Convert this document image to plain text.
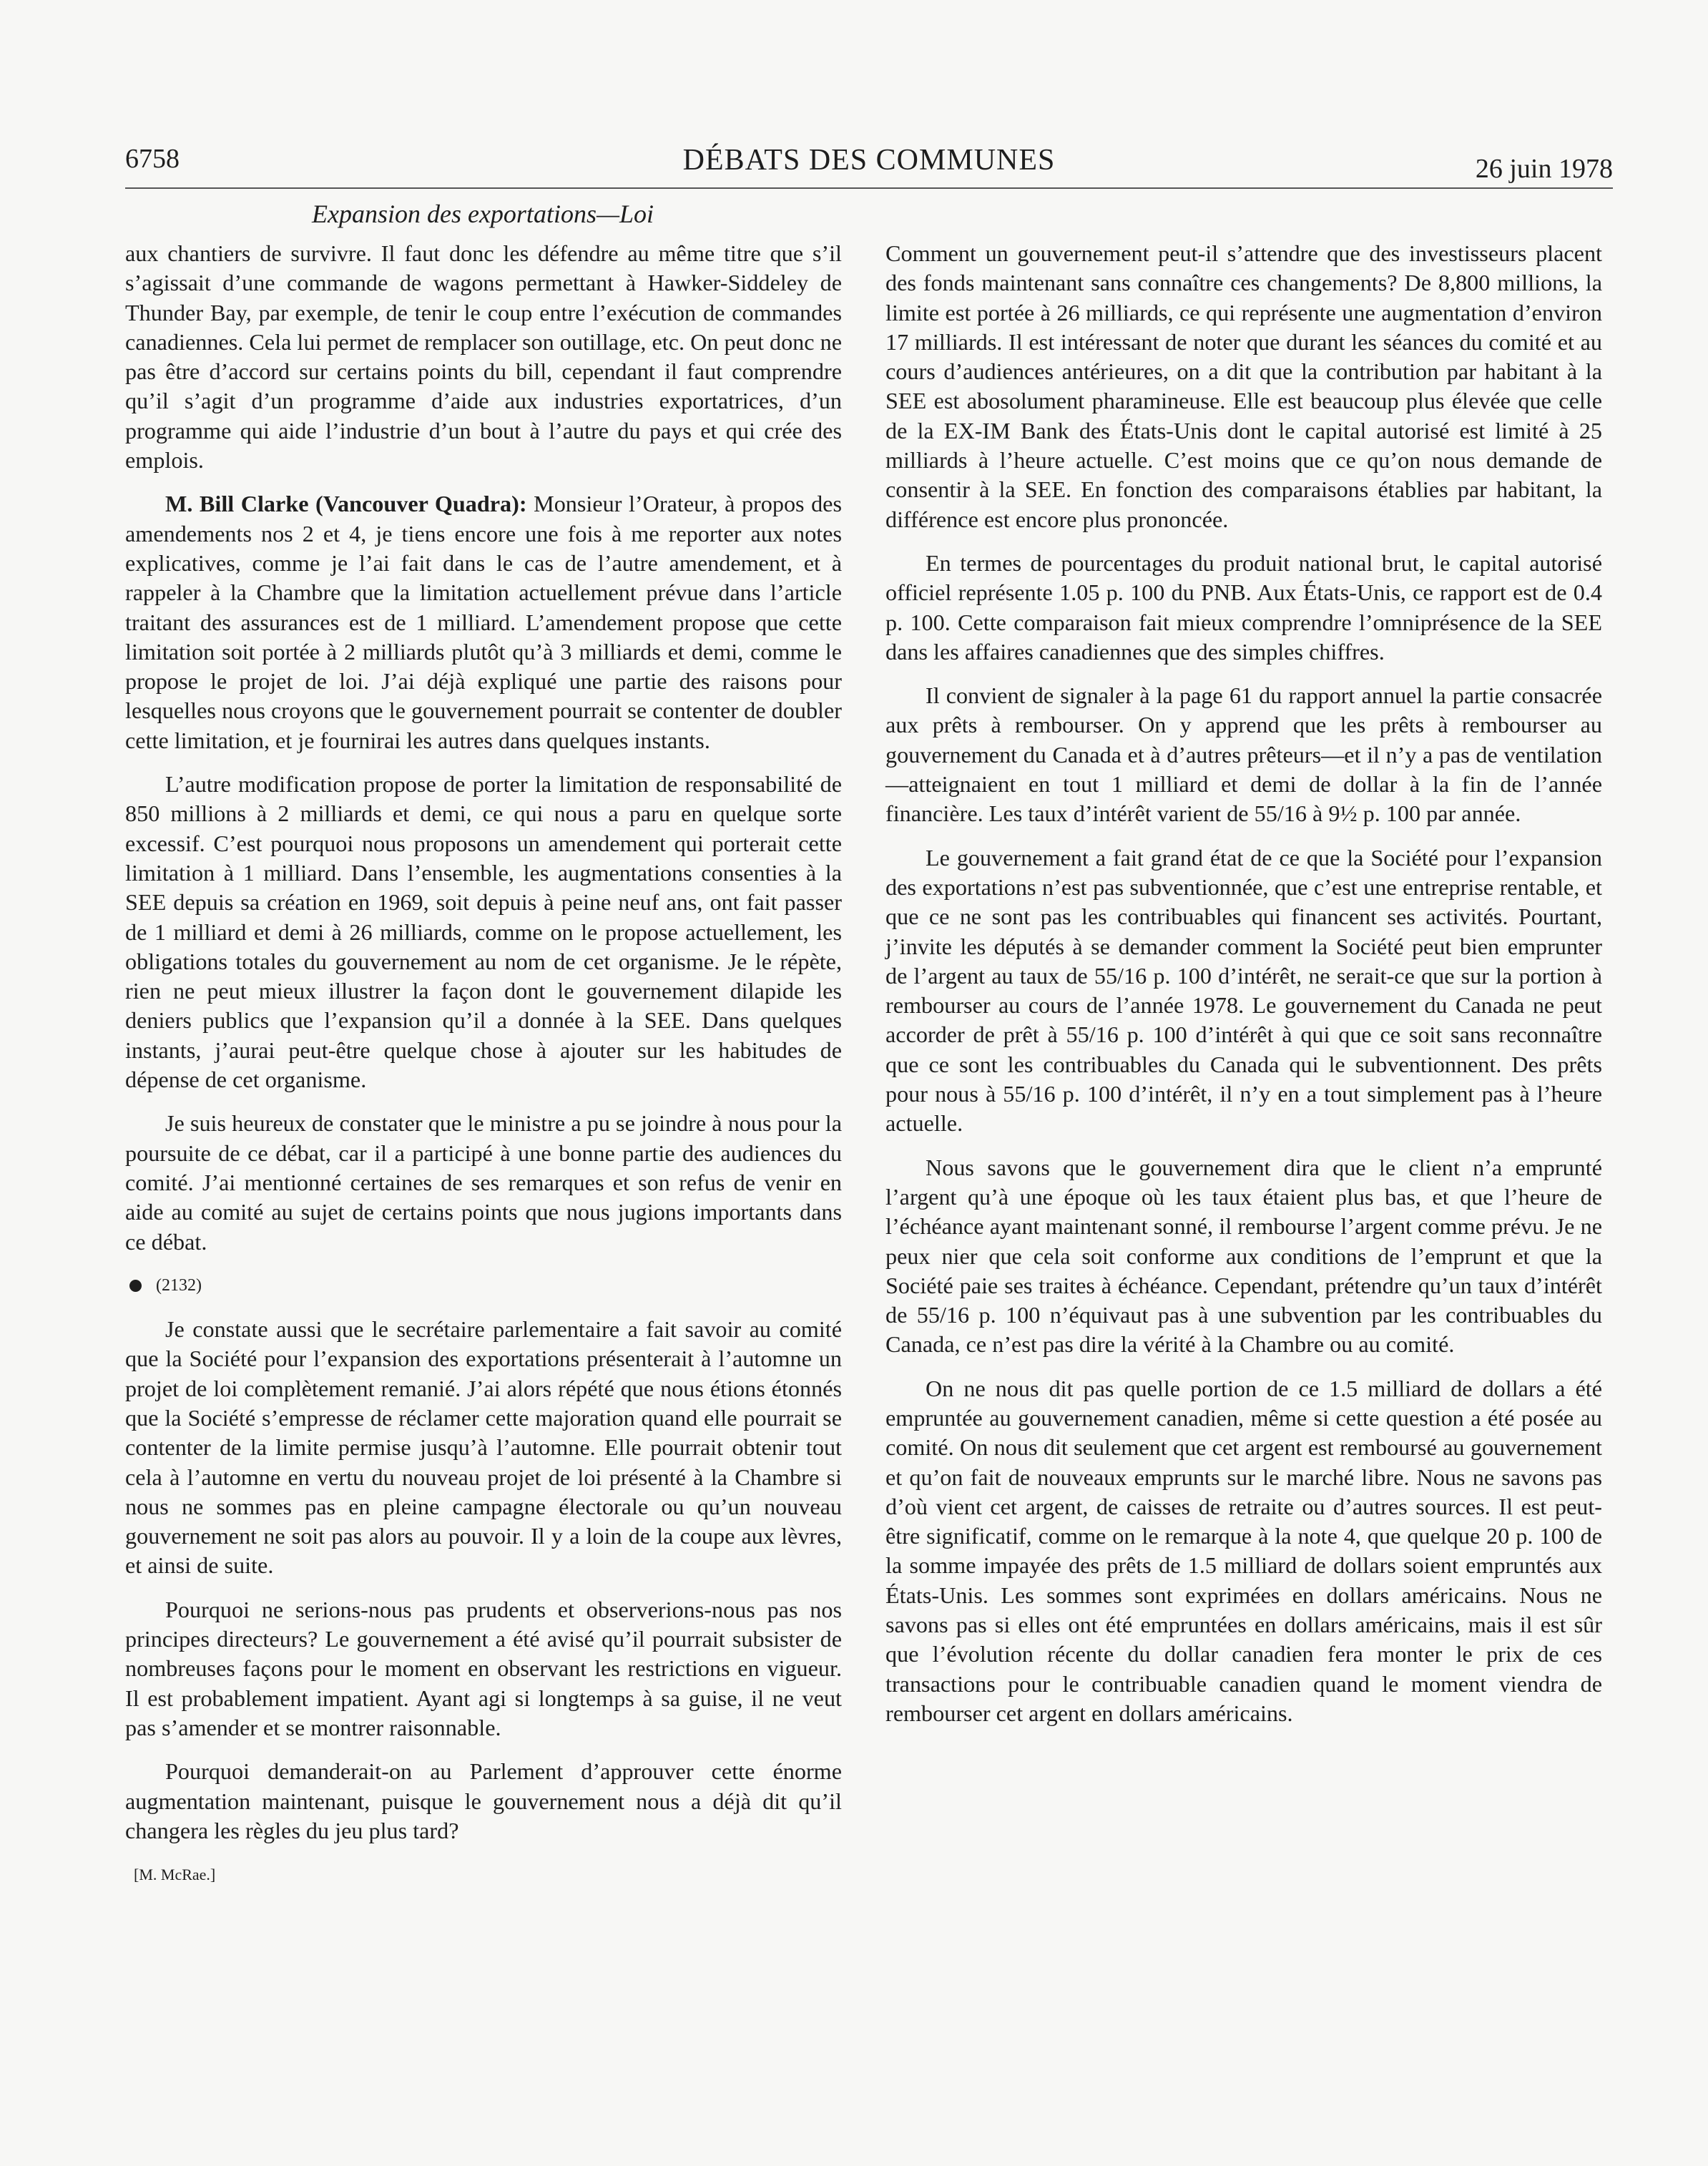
6758	DÉBATS DES COMMUNES	26 juin 1978
Expansion des exportations—Loi

aux chantiers de survivre. Il faut donc les défendre au même titre que s’il s’agissait d’une commande de wagons permettant à Hawker-Siddeley de Thunder Bay, par exemple, de tenir le coup entre l’exécution de commandes canadiennes. Cela lui permet de remplacer son outillage, etc. On peut donc ne pas être d’accord sur certains points du bill, cependant il faut comprendre qu’il s’agit d’un programme d’aide aux industries exportatrices, d’un programme qui aide l’industrie d’un bout à l’autre du pays et qui crée des emplois.

M. Bill Clarke (Vancouver Quadra): Monsieur l’Orateur, à propos des amendements nos 2 et 4, je tiens encore une fois à me reporter aux notes explicatives, comme je l’ai fait dans le cas de l’autre amendement, et à rappeler à la Chambre que la limitation actuellement prévue dans l’article traitant des assurances est de 1 milliard. L’amendement propose que cette limitation soit portée à 2 milliards plutôt qu’à 3 milliards et demi, comme le propose le projet de loi. J’ai déjà expliqué une partie des raisons pour lesquelles nous croyons que le gouvernement pourrait se contenter de doubler cette limitation, et je fournirai les autres dans quelques instants.

L’autre modification propose de porter la limitation de responsabilité de 850 millions à 2 milliards et demi, ce qui nous a paru en quelque sorte excessif. C’est pourquoi nous proposons un amendement qui porterait cette limitation à 1 milliard. Dans l’ensemble, les augmentations consenties à la SEE depuis sa création en 1969, soit depuis à peine neuf ans, ont fait passer de 1 milliard et demi à 26 milliards, comme on le propose actuellement, les obligations totales du gouvernement au nom de cet organisme. Je le répète, rien ne peut mieux illustrer la façon dont le gouvernement dilapide les deniers publics que l’expansion qu’il a donnée à la SEE. Dans quelques instants, j’aurai peut-être quelque chose à ajouter sur les habitudes de dépense de cet organisme.

Je suis heureux de constater que le ministre a pu se joindre à nous pour la poursuite de ce débat, car il a participé à une bonne partie des audiences du comité. J’ai mentionné certaines de ses remarques et son refus de venir en aide au comité au sujet de certains points que nous jugions importants dans ce débat.

(2132)

Je constate aussi que le secrétaire parlementaire a fait savoir au comité que la Société pour l’expansion des exportations présenterait à l’automne un projet de loi complètement remanié. J’ai alors répété que nous étions étonnés que la Société s’empresse de réclamer cette majoration quand elle pourrait se contenter de la limite permise jusqu’à l’automne. Elle pourrait obtenir tout cela à l’automne en vertu du nouveau projet de loi présenté à la Chambre si nous ne sommes pas en pleine campagne électorale ou qu’un nouveau gouvernement ne soit pas alors au pouvoir. Il y a loin de la coupe aux lèvres, et ainsi de suite.

Pourquoi ne serions-nous pas prudents et observerions-nous pas nos principes directeurs? Le gouvernement a été avisé qu’il pourrait subsister de nombreuses façons pour le moment en observant les restrictions en vigueur. Il est probablement impatient. Ayant agi si longtemps à sa guise, il ne veut pas s’amender et se montrer raisonnable.

Pourquoi demanderait-on au Parlement d’approuver cette énorme augmentation maintenant, puisque le gouvernement nous a déjà dit qu’il changera les règles du jeu plus tard?

[M. McRae.]

Comment un gouvernement peut-il s’attendre que des investisseurs placent des fonds maintenant sans connaître ces changements? De 8,800 millions, la limite est portée à 26 milliards, ce qui représente une augmentation d’environ 17 milliards. Il est intéressant de noter que durant les séances du comité et au cours d’audiences antérieures, on a dit que la contribution par habitant à la SEE est abosolument pharamineuse. Elle est beaucoup plus élevée que celle de la EX-IM Bank des États-Unis dont le capital autorisé est limité à 25 milliards à l’heure actuelle. C’est moins que ce qu’on nous demande de consentir à la SEE. En fonction des comparaisons établies par habitant, la différence est encore plus prononcée.

En termes de pourcentages du produit national brut, le capital autorisé officiel représente 1.05 p. 100 du PNB. Aux États-Unis, ce rapport est de 0.4 p. 100. Cette comparaison fait mieux comprendre l’omniprésence de la SEE dans les affaires canadiennes que des simples chiffres.

Il convient de signaler à la page 61 du rapport annuel la partie consacrée aux prêts à rembourser. On y apprend que les prêts à rembourser au gouvernement du Canada et à d’autres prêteurs—et il n’y a pas de ventilation—atteignaient en tout 1 milliard et demi de dollar à la fin de l’année financière. Les taux d’intérêt varient de 55/16 à 9½ p. 100 par année.

Le gouvernement a fait grand état de ce que la Société pour l’expansion des exportations n’est pas subventionnée, que c’est une entreprise rentable, et que ce ne sont pas les contribuables qui financent ses activités. Pourtant, j’invite les députés à se demander comment la Société peut bien emprunter de l’argent au taux de 55/16 p. 100 d’intérêt, ne serait-ce que sur la portion à rembourser au cours de l’année 1978. Le gouvernement du Canada ne peut accorder de prêt à 55/16 p. 100 d’intérêt à qui que ce soit sans reconnaître que ce sont les contribuables du Canada qui le subventionnent. Des prêts pour nous à 55/16 p. 100 d’intérêt, il n’y en a tout simplement pas à l’heure actuelle.

Nous savons que le gouvernement dira que le client n’a emprunté l’argent qu’à une époque où les taux étaient plus bas, et que l’heure de l’échéance ayant maintenant sonné, il rembourse l’argent comme prévu. Je ne peux nier que cela soit conforme aux conditions de l’emprunt et que la Société paie ses traites à échéance. Cependant, prétendre qu’un taux d’intérêt de 55/16 p. 100 n’équivaut pas à une subvention par les contribuables du Canada, ce n’est pas dire la vérité à la Chambre ou au comité.

On ne nous dit pas quelle portion de ce 1.5 milliard de dollars a été empruntée au gouvernement canadien, même si cette question a été posée au comité. On nous dit seulement que cet argent est remboursé au gouvernement et qu’on fait de nouveaux emprunts sur le marché libre. Nous ne savons pas d’où vient cet argent, de caisses de retraite ou d’autres sources. Il est peut-être significatif, comme on le remarque à la note 4, que quelque 20 p. 100 de la somme impayée des prêts de 1.5 milliard de dollars soient empruntés aux États-Unis. Les sommes sont exprimées en dollars américains. Nous ne savons pas si elles ont été empruntées en dollars américains, mais il est sûr que l’évolution récente du dollar canadien fera monter le prix de ces transactions pour le contribuable canadien quand le moment viendra de rembourser cet argent en dollars américains.
